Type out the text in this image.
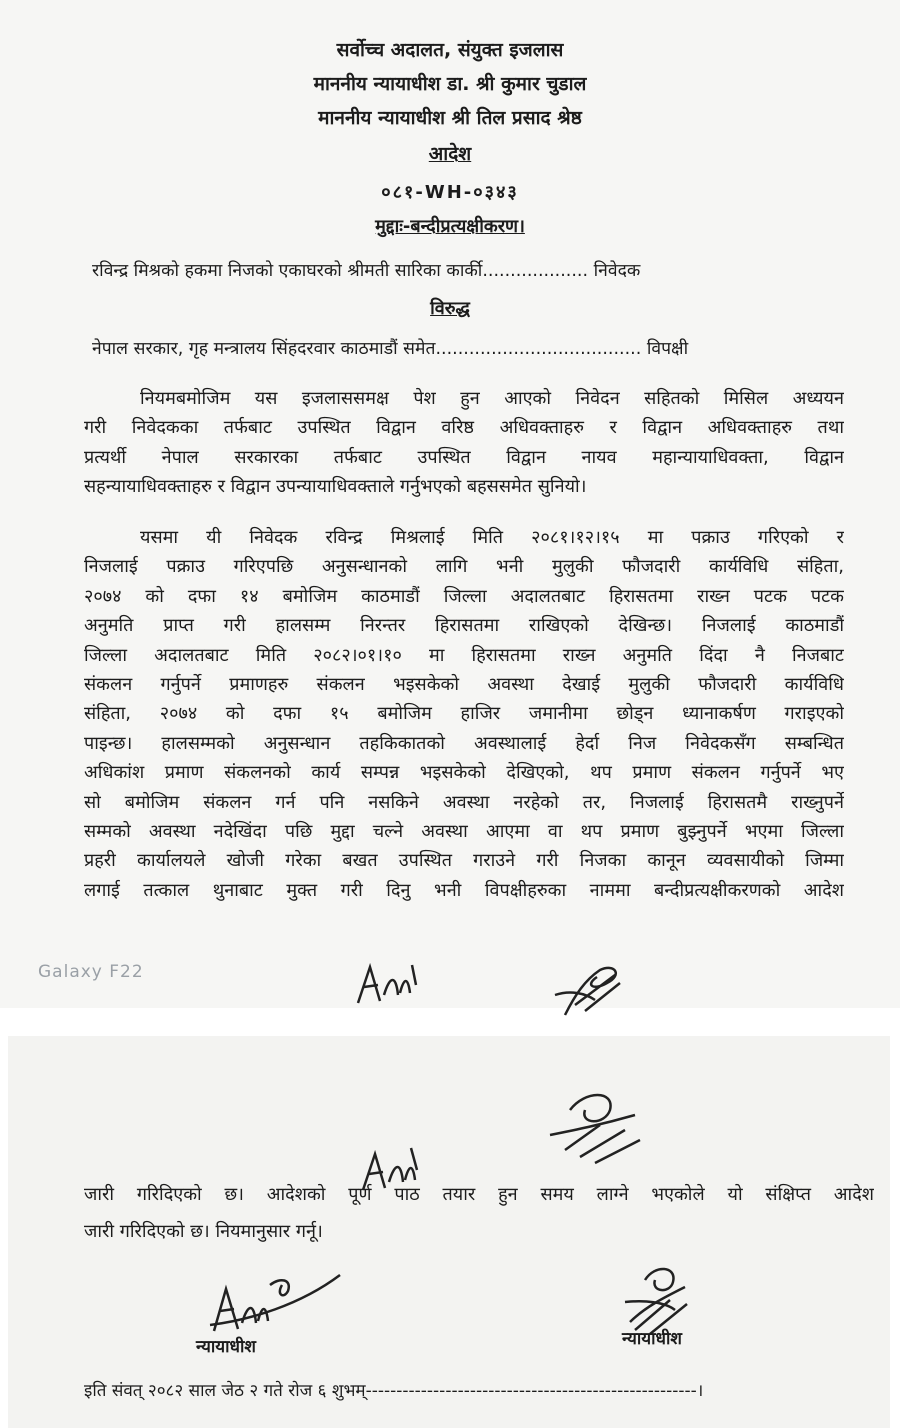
सर्वोच्च अदालत, संयुक्त इजलास
माननीय न्यायाधीश डा. श्री कुमार चुडाल
माननीय न्यायाधीश श्री तिल प्रसाद श्रेष्ठ
आदेश
०८१-WH-०३४३
मुद्दाः-बन्दीप्रत्यक्षीकरण।
रविन्द्र मिश्रको हकमा निजको एकाघरको श्रीमती सारिका कार्की................... निवेदक
विरुद्ध
नेपाल सरकार, गृह मन्त्रालय सिंहदरवार काठमाडौं समेत..................................... विपक्षी
नियमबमोजिम यस इजलाससमक्ष पेश हुन आएको निवेदन सहितको मिसिल अध्ययन
गरी निवेदकका तर्फबाट उपस्थित विद्वान वरिष्ठ अधिवक्ताहरु र विद्वान अधिवक्ताहरु तथा
प्रत्यर्थी नेपाल सरकारका तर्फबाट उपस्थित विद्वान नायव महान्यायाधिवक्ता, विद्वान
सहन्यायाधिवक्ताहरु र विद्वान उपन्यायाधिवक्ताले गर्नुभएको बहससमेत सुनियो।
यसमा यी निवेदक रविन्द्र मिश्रलाई मिति २०८१।१२।१५ मा पक्राउ गरिएको र
निजलाई पक्राउ गरिएपछि अनुसन्धानको लागि भनी मुलुकी फौजदारी कार्यविधि संहिता,
२०७४ को दफा १४ बमोजिम काठमाडौं जिल्ला अदालतबाट हिरासतमा राख्न पटक पटक
अनुमति प्राप्त गरी हालसम्म निरन्तर हिरासतमा राखिएको देखिन्छ। निजलाई काठमाडौं
जिल्ला अदालतबाट मिति २०८२।०१।१० मा हिरासतमा राख्न अनुमति दिंदा नै निजबाट
संकलन गर्नुपर्ने प्रमाणहरु संकलन भइसकेको अवस्था देखाई मुलुकी फौजदारी कार्यविधि
संहिता, २०७४ को दफा १५ बमोजिम हाजिर जमानीमा छोड्न ध्यानाकर्षण गराइएको
पाइन्छ। हालसम्मको अनुसन्धान तहकिकातको अवस्थालाई हेर्दा निज निवेदकसँग सम्बन्धित
अधिकांश प्रमाण संकलनको कार्य सम्पन्न भइसकेको देखिएको, थप प्रमाण संकलन गर्नुपर्ने भए
सो बमोजिम संकलन गर्न पनि नसकिने अवस्था नरहेको तर, निजलाई हिरासतमै राख्नुपर्ने
सम्मको अवस्था नदेखिंदा पछि मुद्दा चल्ने अवस्था आएमा वा थप प्रमाण बुझ्नुपर्ने भएमा जिल्ला
प्रहरी कार्यालयले खोजी गरेका बखत उपस्थित गराउने गरी निजका कानून व्यवसायीको जिम्मा
लगाई तत्काल थुनाबाट मुक्त गरी दिनु भनी विपक्षीहरुका नाममा बन्दीप्रत्यक्षीकरणको आदेश
Galaxy F22
जारी गरिदिएको छ। आदेशको पूर्ण पाठ तयार हुन समय लाग्ने भएकोले यो संक्षिप्त आदेश
जारी गरिदिएको छ। नियमानुसार गर्नू।
न्यायाधीश	न्यायाधीश
इति संवत् २०८२ साल जेठ २ गते रोज ६ शुभम्------------------------------------------------------।
